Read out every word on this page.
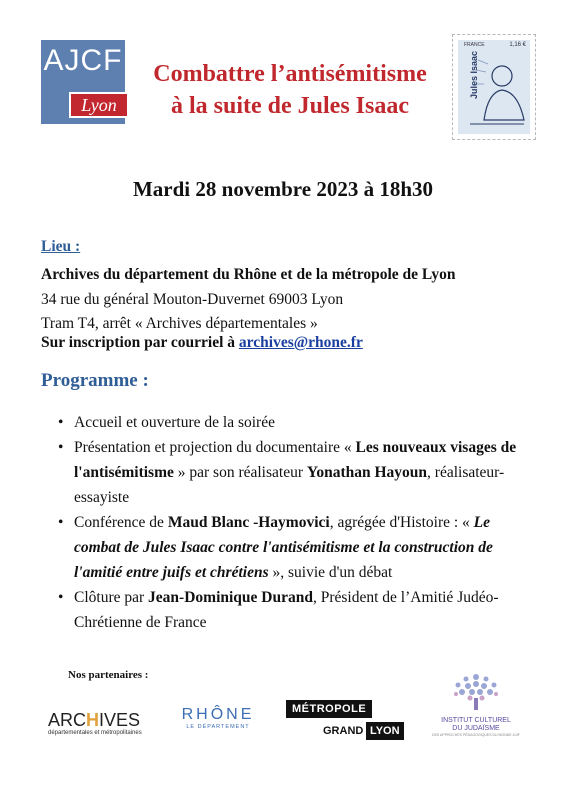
AJCF
Lyon
Combattre l’antisémitisme
à la suite de Jules Isaac
FRANCE	1,16 €
Jules Isaac
Mardi 28 novembre 2023 à 18h30
Lieu :
Archives du département du Rhône et de la métropole de Lyon
34 rue du général Mouton-Duvernet 69003 Lyon
Tram T4, arrêt « Archives départementales »
Sur inscription par courriel à archives@rhone.fr
Programme :
• Accueil et ouverture de la soirée
• Présentation et projection du documentaire « Les nouveaux visages de l'antisémitisme » par son réalisateur Yonathan Hayoun, réalisateur-essayiste
• Conférence de Maud Blanc -Haymovici, agrégée d'Histoire : « Le combat de Jules Isaac contre l'antisémitisme et la construction de l'amitié entre juifs et chrétiens », suivie d'un débat
• Clôture par Jean-Dominique Durand, Président de l’Amitié Judéo-Chrétienne de France
Nos partenaires :
ARCHIVES
départementales et métropolitaines
RHÔNE
LE DÉPARTEMENT
MÉTROPOLE
GRAND LYON
INSTITUT CULTUREL
DU JUDAÏSME
DES APPROCHES PÉDAGOGIQUES DU MONDE JUIF
